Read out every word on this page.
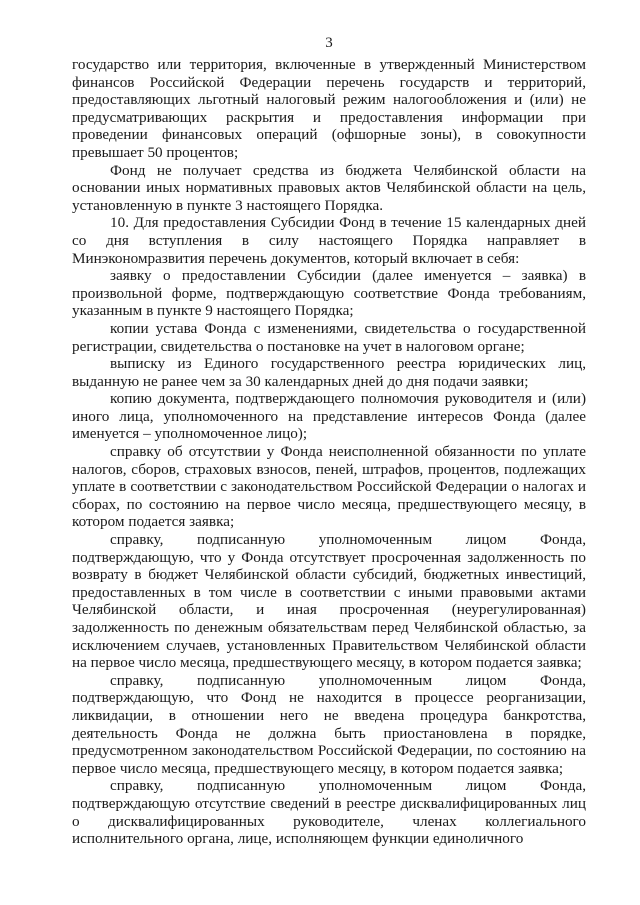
3

государство или территория, включенные в утвержденный Министерством финансов Российской Федерации перечень государств и территорий, предоставляющих льготный налоговый режим налогообложения и (или) не предусматривающих раскрытия и предоставления информации при проведении финансовых операций (офшорные зоны), в совокупности превышает 50 процентов;

Фонд не получает средства из бюджета Челябинской области на основании иных нормативных правовых актов Челябинской области на цель, установленную в пункте 3 настоящего Порядка.

10. Для предоставления Субсидии Фонд в течение 15 календарных дней со дня вступления в силу настоящего Порядка направляет в Минэкономразвития перечень документов, который включает в себя:

заявку о предоставлении Субсидии (далее именуется – заявка) в произвольной форме, подтверждающую соответствие Фонда требованиям, указанным в пункте 9 настоящего Порядка;

копии устава Фонда с изменениями, свидетельства о государственной регистрации, свидетельства о постановке на учет в налоговом органе;

выписку из Единого государственного реестра юридических лиц, выданную не ранее чем за 30 календарных дней до дня подачи заявки;

копию документа, подтверждающего полномочия руководителя и (или) иного лица, уполномоченного на представление интересов Фонда (далее именуется – уполномоченное лицо);

справку об отсутствии у Фонда неисполненной обязанности по уплате налогов, сборов, страховых взносов, пеней, штрафов, процентов, подлежащих уплате в соответствии с законодательством Российской Федерации о налогах и сборах, по состоянию на первое число месяца, предшествующего месяцу, в котором подается заявка;

справку, подписанную уполномоченным лицом Фонда, подтверждающую, что у Фонда отсутствует просроченная задолженность по возврату в бюджет Челябинской области субсидий, бюджетных инвестиций, предоставленных в том числе в соответствии с иными правовыми актами Челябинской области, и иная просроченная (неурегулированная) задолженность по денежным обязательствам перед Челябинской областью, за исключением случаев, установленных Правительством Челябинской области на первое число месяца, предшествующего месяцу, в котором подается заявка;

справку, подписанную уполномоченным лицом Фонда, подтверждающую, что Фонд не находится в процессе реорганизации, ликвидации, в отношении него не введена процедура банкротства, деятельность Фонда не должна быть приостановлена в порядке, предусмотренном законодательством Российской Федерации, по состоянию на первое число месяца, предшествующего месяцу, в котором подается заявка;

справку, подписанную уполномоченным лицом Фонда, подтверждающую отсутствие сведений в реестре дисквалифицированных лиц о дисквалифицированных руководителе, членах коллегиального исполнительного органа, лице, исполняющем функции единоличного
